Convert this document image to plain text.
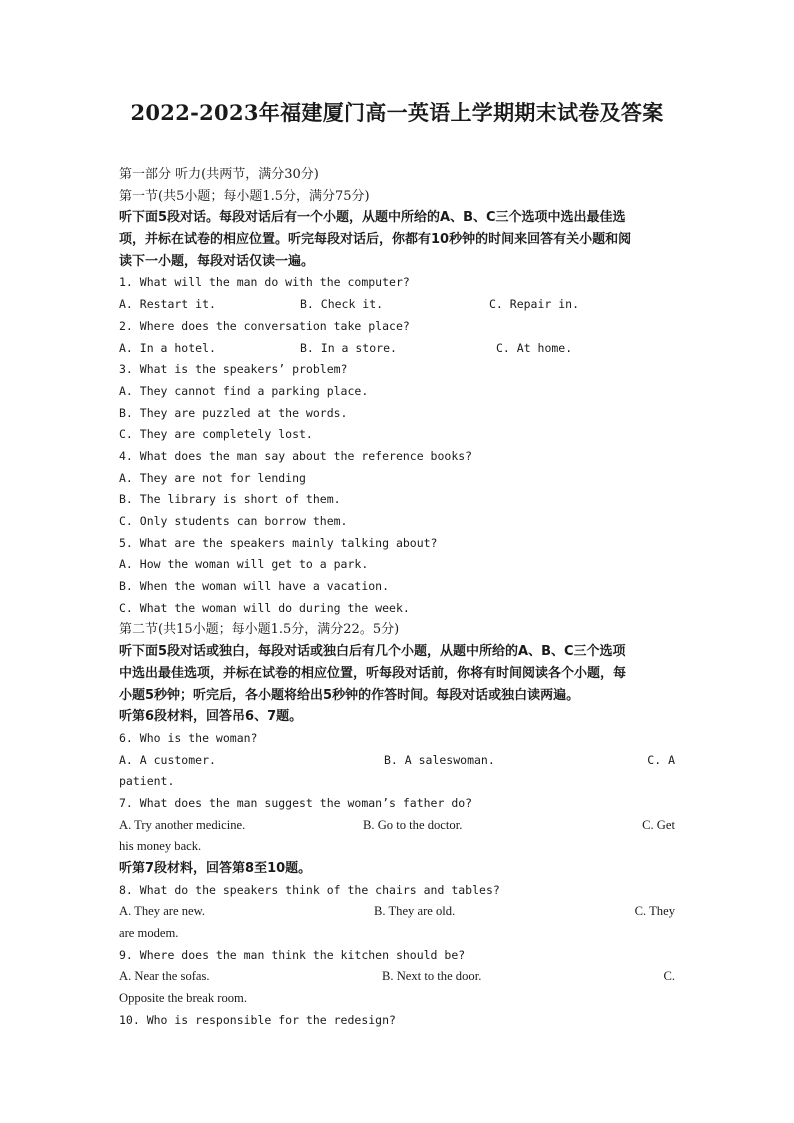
2022-2023年福建厦门高一英语上学期期末试卷及答案
第一部分 听力(共两节，满分30分)
第一节(共5小题；每小题1.5分，满分75分)
听下面5段对话。每段对话后有一个小题，从题中所给的A、B、C三个选项中选出最佳选
项，并标在试卷的相应位置。听完每段对话后，你都有10秒钟的时间来回答有关小题和阅
读下一小题，每段对话仅读一遍。
1. What will the man do with the computer?
A. Restart it.	B. Check it.	C. Repair in.
2. Where does the conversation take place?
A. In a hotel.	B. In a store.	C. At home.
3. What is the speakers’ problem?
A. They cannot find a parking place.
B. They are puzzled at the words.
C. They are completely lost.
4. What does the man say about the reference books?
A. They are not for lending
B. The library is short of them.
C. Only students can borrow them.
5. What are the speakers mainly talking about?
A. How the woman will get to a park.
B. When the woman will have a vacation.
C. What the woman will do during the week.
第二节(共15小题；每小题1.5分，满分22。5分)
听下面5段对话或独白，每段对话或独白后有几个小题，从题中所给的A、B、C三个选项
中选出最佳选项，并标在试卷的相应位置，听每段对话前，你将有时间阅读各个小题，每
小题5秒钟；听完后，各小题将给出5秒钟的作答时间。每段对话或独白读两遍。
听第6段材料，回答吊6、7题。
6. Who is the woman?
A. A customer.	B. A saleswoman.	C. A
patient.
7. What does the man suggest the woman’s father do?
A. Try another medicine.	B. Go to the doctor.	C. Get
his money back.
听第7段材料，回答第8至10题。
8. What do the speakers think of the chairs and tables?
A. They are new.	B. They are old.	C. They
are modem.
9. Where does the man think the kitchen should be?
A. Near the sofas.	B. Next to the door.	C.
Opposite the break room.
10. Who is responsible for the redesign?
